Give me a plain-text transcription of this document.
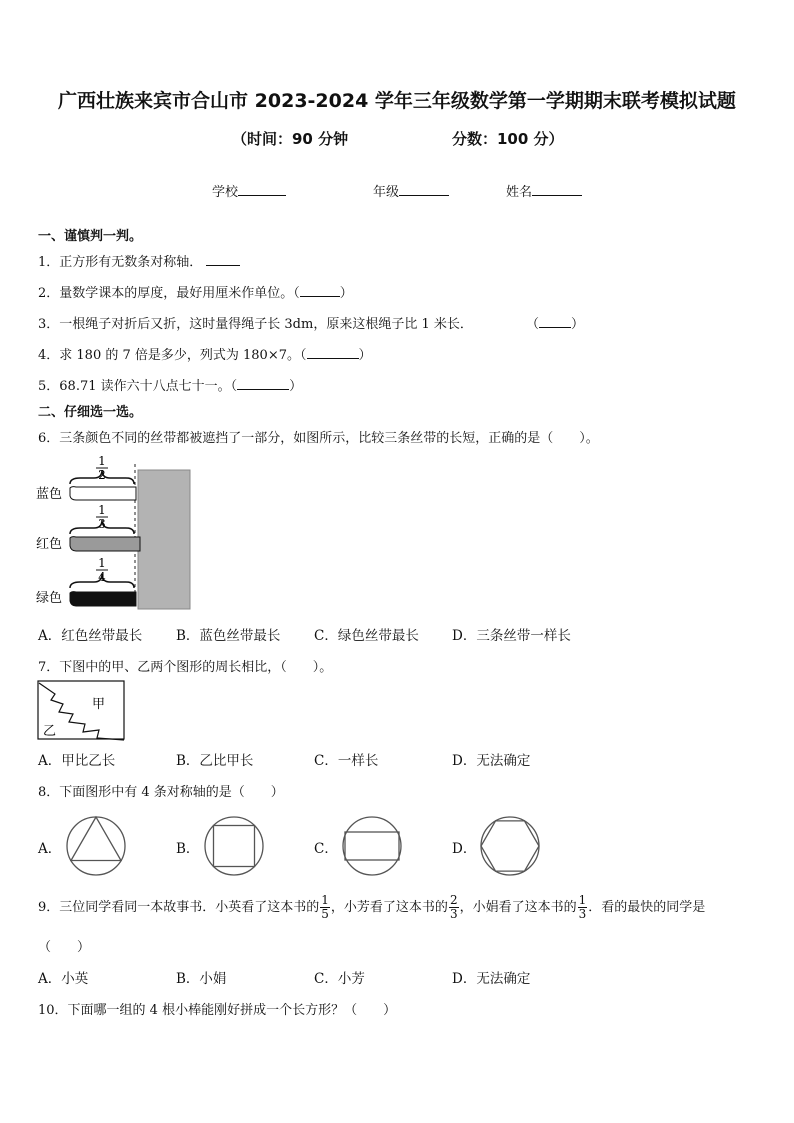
广西壮族来宾市合山市 2023-2024 学年三年级数学第一学期期末联考模拟试题
（时间：90 分钟	分数：100 分）
学校	年级	姓名
一、谨慎判一判。
1．正方形有无数条对称轴．
2．量数学课本的厚度，最好用厘米作单位。（	）
3．一根绳子对折后又折，这时量得绳子长 3dm，原来这根绳子比 1 米长．	（ ）
4．求 180 的 7 倍是多少，列式为 180×7。（	）
5．68.71 读作六十八点七十一。（	）
二、仔细选一选。
6．三条颜色不同的丝带都被遮挡了一部分，如图所示，比较三条丝带的长短，正确的是（　　）。
蓝色
1
2
红色
1
3
绿色
1
4
A．红色丝带最长	B．蓝色丝带最长 C．绿色丝带最长 D．三条丝带一样长
7．下图中的甲、乙两个图形的周长相比，（　　）。
甲
乙
A．甲比乙长	B．乙比甲长	C．一样长	D．无法确定
8．下面图形中有 4 条对称轴的是（　　）
A．	B．	C．	D．
9．三位同学看同一本故事书．小英看了这本书的 $\frac{1}{5}$ ，小芳看了这本书的 $\frac{2}{3}$ ，小娟看了这本书的 $\frac{1}{3}$ ．看的最快的同学是
（　　）
A．小英	B．小娟	C．小芳	D．无法确定
10．下面哪一组的 4 根小棒能刚好拼成一个长方形？（　　）
